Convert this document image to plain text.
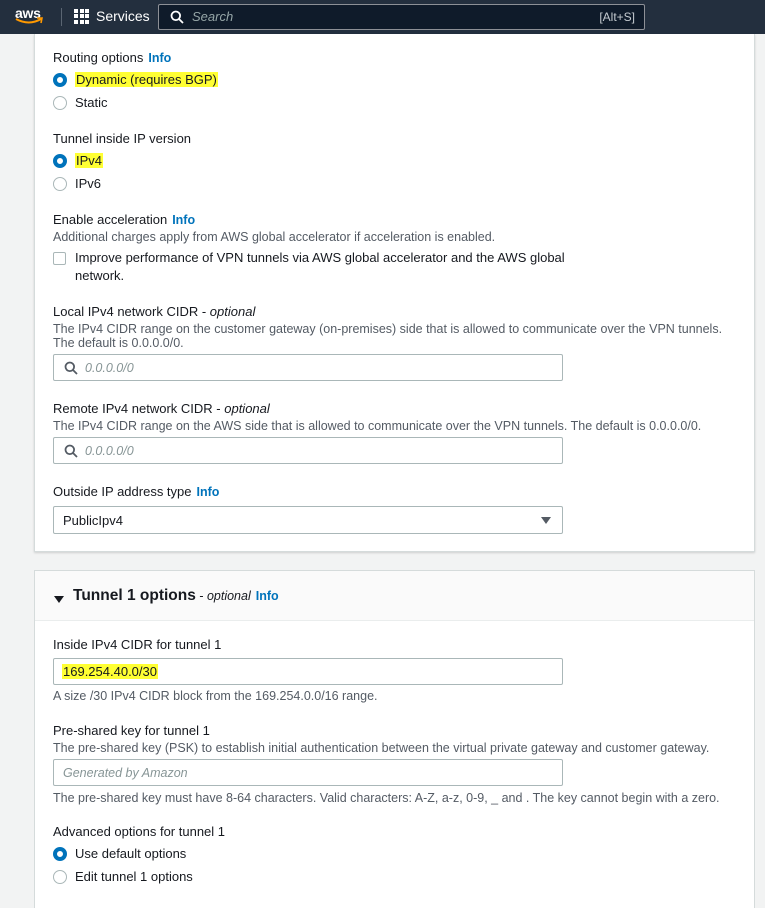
aws	Services	Search	[Alt+S]
Routing options Info
Dynamic (requires BGP)
Static
Tunnel inside IP version
IPv4
IPv6
Enable acceleration Info
Additional charges apply from AWS global accelerator if acceleration is enabled.
Improve performance of VPN tunnels via AWS global accelerator and the AWS global
network.
Local IPv4 network CIDR - optional
The IPv4 CIDR range on the customer gateway (on-premises) side that is allowed to communicate over the VPN tunnels.
The default is 0.0.0.0/0.
0.0.0.0/0
Remote IPv4 network CIDR - optional
The IPv4 CIDR range on the AWS side that is allowed to communicate over the VPN tunnels. The default is 0.0.0.0/0.
0.0.0.0/0
Outside IP address type Info
PublicIpv4
Tunnel 1 options - optional Info
Inside IPv4 CIDR for tunnel 1
169.254.40.0/30
A size /30 IPv4 CIDR block from the 169.254.0.0/16 range.
Pre-shared key for tunnel 1
The pre-shared key (PSK) to establish initial authentication between the virtual private gateway and customer gateway.
Generated by Amazon
The pre-shared key must have 8-64 characters. Valid characters: A-Z, a-z, 0-9, _ and . The key cannot begin with a zero.
Advanced options for tunnel 1
Use default options
Edit tunnel 1 options
